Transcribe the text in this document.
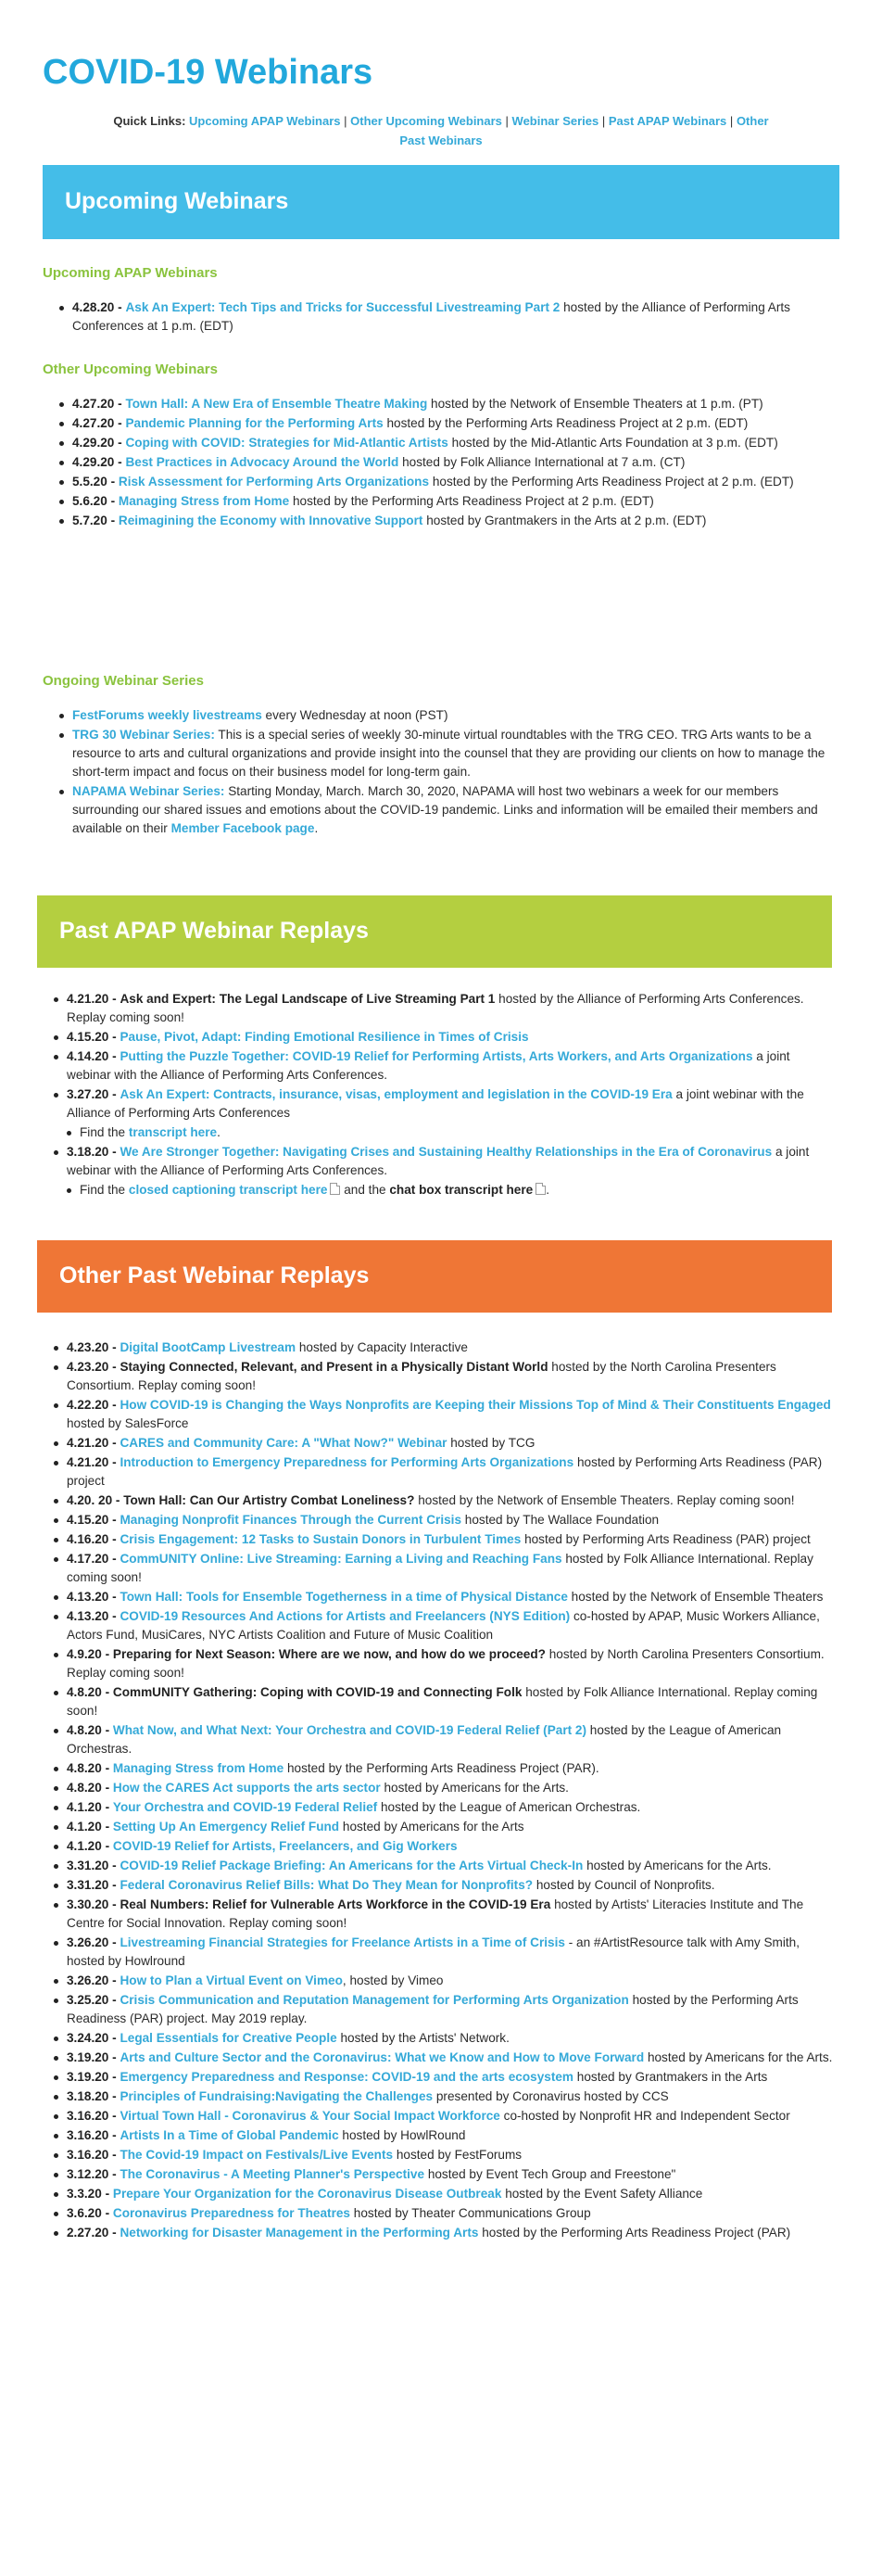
COVID-19 Webinars
Quick Links: Upcoming APAP Webinars | Other Upcoming Webinars | Webinar Series | Past APAP Webinars | Other Past Webinars
Upcoming Webinars
Upcoming APAP Webinars
4.28.20 - Ask An Expert: Tech Tips and Tricks for Successful Livestreaming Part 2 hosted by the Alliance of Performing Arts Conferences at 1 p.m. (EDT)
Other Upcoming Webinars
4.27.20 - Town Hall: A New Era of Ensemble Theatre Making hosted by the Network of Ensemble Theaters at 1 p.m. (PT)
4.27.20 - Pandemic Planning for the Performing Arts hosted by the Performing Arts Readiness Project at 2 p.m. (EDT)
4.29.20 - Coping with COVID: Strategies for Mid-Atlantic Artists hosted by the Mid-Atlantic Arts Foundation at 3 p.m. (EDT)
4.29.20 - Best Practices in Advocacy Around the World hosted by Folk Alliance International at 7 a.m. (CT)
5.5.20 - Risk Assessment for Performing Arts Organizations hosted by the Performing Arts Readiness Project at 2 p.m. (EDT)
5.6.20 - Managing Stress from Home hosted by the Performing Arts Readiness Project at 2 p.m. (EDT)
5.7.20 - Reimagining the Economy with Innovative Support hosted by Grantmakers in the Arts at 2 p.m. (EDT)
Ongoing Webinar Series
FestForums weekly livestreams every Wednesday at noon (PST)
TRG 30 Webinar Series: This is a special series of weekly 30-minute virtual roundtables with the TRG CEO. TRG Arts wants to be a resource to arts and cultural organizations and provide insight into the counsel that they are providing our clients on how to manage the short-term impact and focus on their business model for long-term gain.
NAPAMA Webinar Series: Starting Monday, March. March 30, 2020, NAPAMA will host two webinars a week for our members surrounding our shared issues and emotions about the COVID-19 pandemic. Links and information will be emailed their members and available on their Member Facebook page.
Past APAP Webinar Replays
4.21.20 - Ask and Expert: The Legal Landscape of Live Streaming Part 1 hosted by the Alliance of Performing Arts Conferences. Replay coming soon!
4.15.20 - Pause, Pivot, Adapt: Finding Emotional Resilience in Times of Crisis
4.14.20 - Putting the Puzzle Together: COVID-19 Relief for Performing Artists, Arts Workers, and Arts Organizations a joint webinar with the Alliance of Performing Arts Conferences.
3.27.20 - Ask An Expert: Contracts, insurance, visas, employment and legislation in the COVID-19 Era a joint webinar with the Alliance of Performing Arts Conferences
Find the transcript here.
3.18.20 - We Are Stronger Together: Navigating Crises and Sustaining Healthy Relationships in the Era of Coronavirus a joint webinar with the Alliance of Performing Arts Conferences.
Find the closed captioning transcript here and the chat box transcript here .
Other Past Webinar Replays
4.23.20 - Digital BootCamp Livestream hosted by Capacity Interactive
4.23.20 - Staying Connected, Relevant, and Present in a Physically Distant World hosted by the North Carolina Presenters Consortium. Replay coming soon!
4.22.20 - How COVID-19 is Changing the Ways Nonprofits are Keeping their Missions Top of Mind & Their Constituents Engaged hosted by SalesForce
4.21.20 - CARES and Community Care: A "What Now?" Webinar hosted by TCG
4.21.20 - Introduction to Emergency Preparedness for Performing Arts Organizations hosted by Performing Arts Readiness (PAR) project
4.20. 20 - Town Hall: Can Our Artistry Combat Loneliness? hosted by the Network of Ensemble Theaters. Replay coming soon!
4.15.20 - Managing Nonprofit Finances Through the Current Crisis hosted by The Wallace Foundation
4.16.20 - Crisis Engagement: 12 Tasks to Sustain Donors in Turbulent Times hosted by Performing Arts Readiness (PAR) project
4.17.20 - CommUNITY Online: Live Streaming: Earning a Living and Reaching Fans hosted by Folk Alliance International. Replay coming soon!
4.13.20 - Town Hall: Tools for Ensemble Togetherness in a time of Physical Distance hosted by the Network of Ensemble Theaters
4.13.20 - COVID-19 Resources And Actions for Artists and Freelancers (NYS Edition) co-hosted by APAP, Music Workers Alliance, Actors Fund, MusiCares, NYC Artists Coalition and Future of Music Coalition
4.9.20 - Preparing for Next Season: Where are we now, and how do we proceed? hosted by North Carolina Presenters Consortium. Replay coming soon!
4.8.20 - CommUNITY Gathering: Coping with COVID-19 and Connecting Folk hosted by Folk Alliance International. Replay coming soon!
4.8.20 - What Now, and What Next: Your Orchestra and COVID-19 Federal Relief (Part 2) hosted by the League of American Orchestras.
4.8.20 - Managing Stress from Home hosted by the Performing Arts Readiness Project (PAR).
4.8.20 - How the CARES Act supports the arts sector hosted by Americans for the Arts.
4.1.20 - Your Orchestra and COVID-19 Federal Relief hosted by the League of American Orchestras.
4.1.20 - Setting Up An Emergency Relief Fund hosted by Americans for the Arts
4.1.20 - COVID-19 Relief for Artists, Freelancers, and Gig Workers
3.31.20 - COVID-19 Relief Package Briefing: An Americans for the Arts Virtual Check-In hosted by Americans for the Arts.
3.31.20 - Federal Coronavirus Relief Bills: What Do They Mean for Nonprofits? hosted by Council of Nonprofits.
3.30.20 - Real Numbers: Relief for Vulnerable Arts Workforce in the COVID-19 Era hosted by Artists' Literacies Institute and The Centre for Social Innovation. Replay coming soon!
3.26.20 - Livestreaming Financial Strategies for Freelance Artists in a Time of Crisis - an #ArtistResource talk with Amy Smith, hosted by Howlround
3.26.20 - How to Plan a Virtual Event on Vimeo, hosted by Vimeo
3.25.20 - Crisis Communication and Reputation Management for Performing Arts Organization hosted by the Performing Arts Readiness (PAR) project. May 2019 replay.
3.24.20 - Legal Essentials for Creative People hosted by the Artists' Network.
3.19.20 - Arts and Culture Sector and the Coronavirus: What we Know and How to Move Forward hosted by Americans for the Arts.
3.19.20 - Emergency Preparedness and Response: COVID-19 and the arts ecosystem hosted by Grantmakers in the Arts
3.18.20 - Principles of Fundraising:Navigating the Challenges presented by Coronavirus hosted by CCS
3.16.20 - Virtual Town Hall - Coronavirus & Your Social Impact Workforce co-hosted by Nonprofit HR and Independent Sector
3.16.20 - Artists In a Time of Global Pandemic hosted by HowlRound
3.16.20 - The Covid-19 Impact on Festivals/Live Events hosted by FestForums
3.12.20 - The Coronavirus - A Meeting Planner's Perspective hosted by Event Tech Group and Freestone"
3.3.20 - Prepare Your Organization for the Coronavirus Disease Outbreak hosted by the Event Safety Alliance
3.6.20 - Coronavirus Preparedness for Theatres hosted by Theater Communications Group
2.27.20 - Networking for Disaster Management in the Performing Arts hosted by the Performing Arts Readiness Project (PAR)
